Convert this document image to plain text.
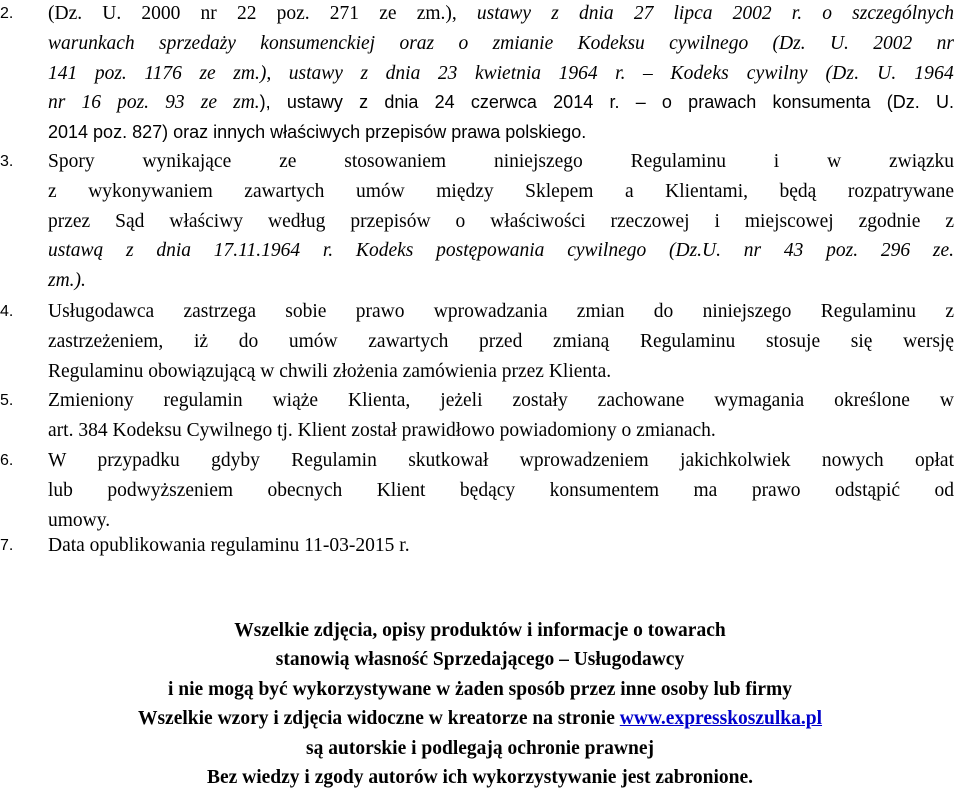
2.	(Dz. U. 2000 nr 22 poz. 271 ze zm.), ustawy z dnia 27 lipca 2002 r. o szczególnych
warunkach sprzedaży konsumenckiej oraz o zmianie Kodeksu cywilnego (Dz. U. 2002 nr
141 poz. 1176 ze zm.), ustawy z dnia 23 kwietnia 1964 r. – Kodeks cywilny (Dz. U. 1964
nr 16 poz. 93 ze zm.), ustawy z dnia 24 czerwca 2014 r. – o prawach konsumenta (Dz. U.
2014 poz. 827) oraz innych właściwych przepisów prawa polskiego.
3.	Spory wynikające ze stosowaniem niniejszego Regulaminu i w związku
z wykonywaniem zawartych umów między Sklepem a Klientami, będą rozpatrywane
przez Sąd właściwy według przepisów o właściwości rzeczowej i miejscowej zgodnie z
ustawą z dnia 17.11.1964 r. Kodeks postępowania cywilnego (Dz.U. nr 43 poz. 296 ze.
zm.).
4.	Usługodawca zastrzega sobie prawo wprowadzania zmian do niniejszego Regulaminu z
zastrzeżeniem, iż do umów zawartych przed zmianą Regulaminu stosuje się wersję
Regulaminu obowiązującą w chwili złożenia zamówienia przez Klienta.
5.	Zmieniony regulamin wiąże Klienta, jeżeli zostały zachowane wymagania określone w
art. 384 Kodeksu Cywilnego tj. Klient został prawidłowo powiadomiony o zmianach.
6.	W przypadku gdyby Regulamin skutkował wprowadzeniem jakichkolwiek nowych opłat
lub podwyższeniem obecnych Klient będący konsumentem ma prawo odstąpić od
umowy.
7.	Data opublikowania regulaminu 11-03-2015 r.
Wszelkie zdjęcia, opisy produktów i informacje o towarach
stanowią własność Sprzedającego – Usługodawcy
i nie mogą być wykorzystywane w żaden sposób przez inne osoby lub firmy
Wszelkie wzory i zdjęcia widoczne w kreatorze na stronie www.expresskoszulka.pl
są autorskie i podlegają ochronie prawnej
Bez wiedzy i zgody autorów ich wykorzystywanie jest zabronione.
